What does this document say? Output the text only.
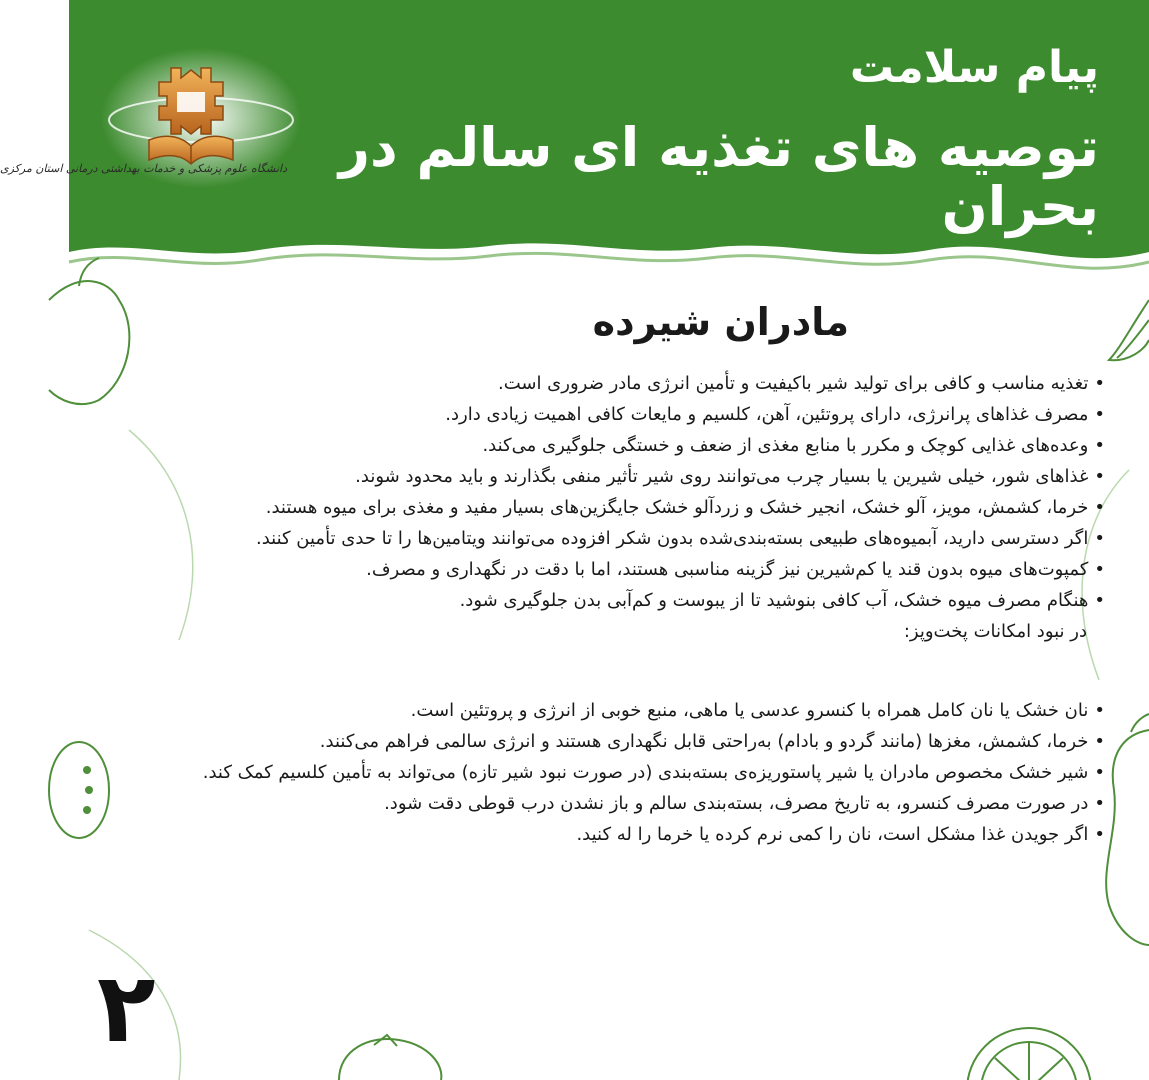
پیام سلامت
توصیه های تغذیه ای سالم در بحران
دانشگاه علوم پزشکی و خدمات بهداشتی درمانی استان مرکزی
مادران شیرده
•تغذیه مناسب و کافی برای تولید شیر باکیفیت و تأمین انرژی مادر ضروری است.
•مصرف غذاهای پرانرژی، دارای پروتئین، آهن، کلسیم و مایعات کافی اهمیت زیادی دارد.
•وعده‌های غذایی کوچک و مکرر با منابع مغذی از ضعف و خستگی جلوگیری می‌کند.
•غذاهای شور، خیلی شیرین یا بسیار چرب می‌توانند روی شیر تأثیر منفی بگذارند و باید محدود شوند.
•خرما، کشمش، مویز، آلو خشک، انجیر خشک و زردآلو خشک جایگزین‌های بسیار مفید و مغذی برای میوه هستند.
•اگر دسترسی دارید، آبمیوه‌های طبیعی بسته‌بندی‌شده بدون شکر افزوده می‌توانند ویتامین‌ها را تا حدی تأمین کنند.
•کمپوت‌های میوه بدون قند یا کم‌شیرین نیز گزینه مناسبی هستند، اما با دقت در نگهداری و مصرف.
•هنگام مصرف میوه خشک، آب کافی بنوشید تا از یبوست و کم‌آبی بدن جلوگیری شود.

در نبود امکانات پخت‌وپز:

•نان خشک یا نان کامل همراه با کنسرو عدسی یا ماهی، منبع خوبی از انرژی و پروتئین است.
•خرما، کشمش، مغزها (مانند گردو و بادام) به‌راحتی قابل نگهداری هستند و انرژی سالمی فراهم می‌کنند.
•شیر خشک مخصوص مادران یا شیر پاستوریزه‌ی بسته‌بندی (در صورت نبود شیر تازه) می‌تواند به تأمین کلسیم کمک کند.
•در صورت مصرف کنسرو، به تاریخ مصرف، بسته‌بندی سالم و باز نشدن درب قوطی دقت شود.
•اگر جویدن غذا مشکل است، نان را کمی نرم کرده یا خرما را له کنید.
۲
